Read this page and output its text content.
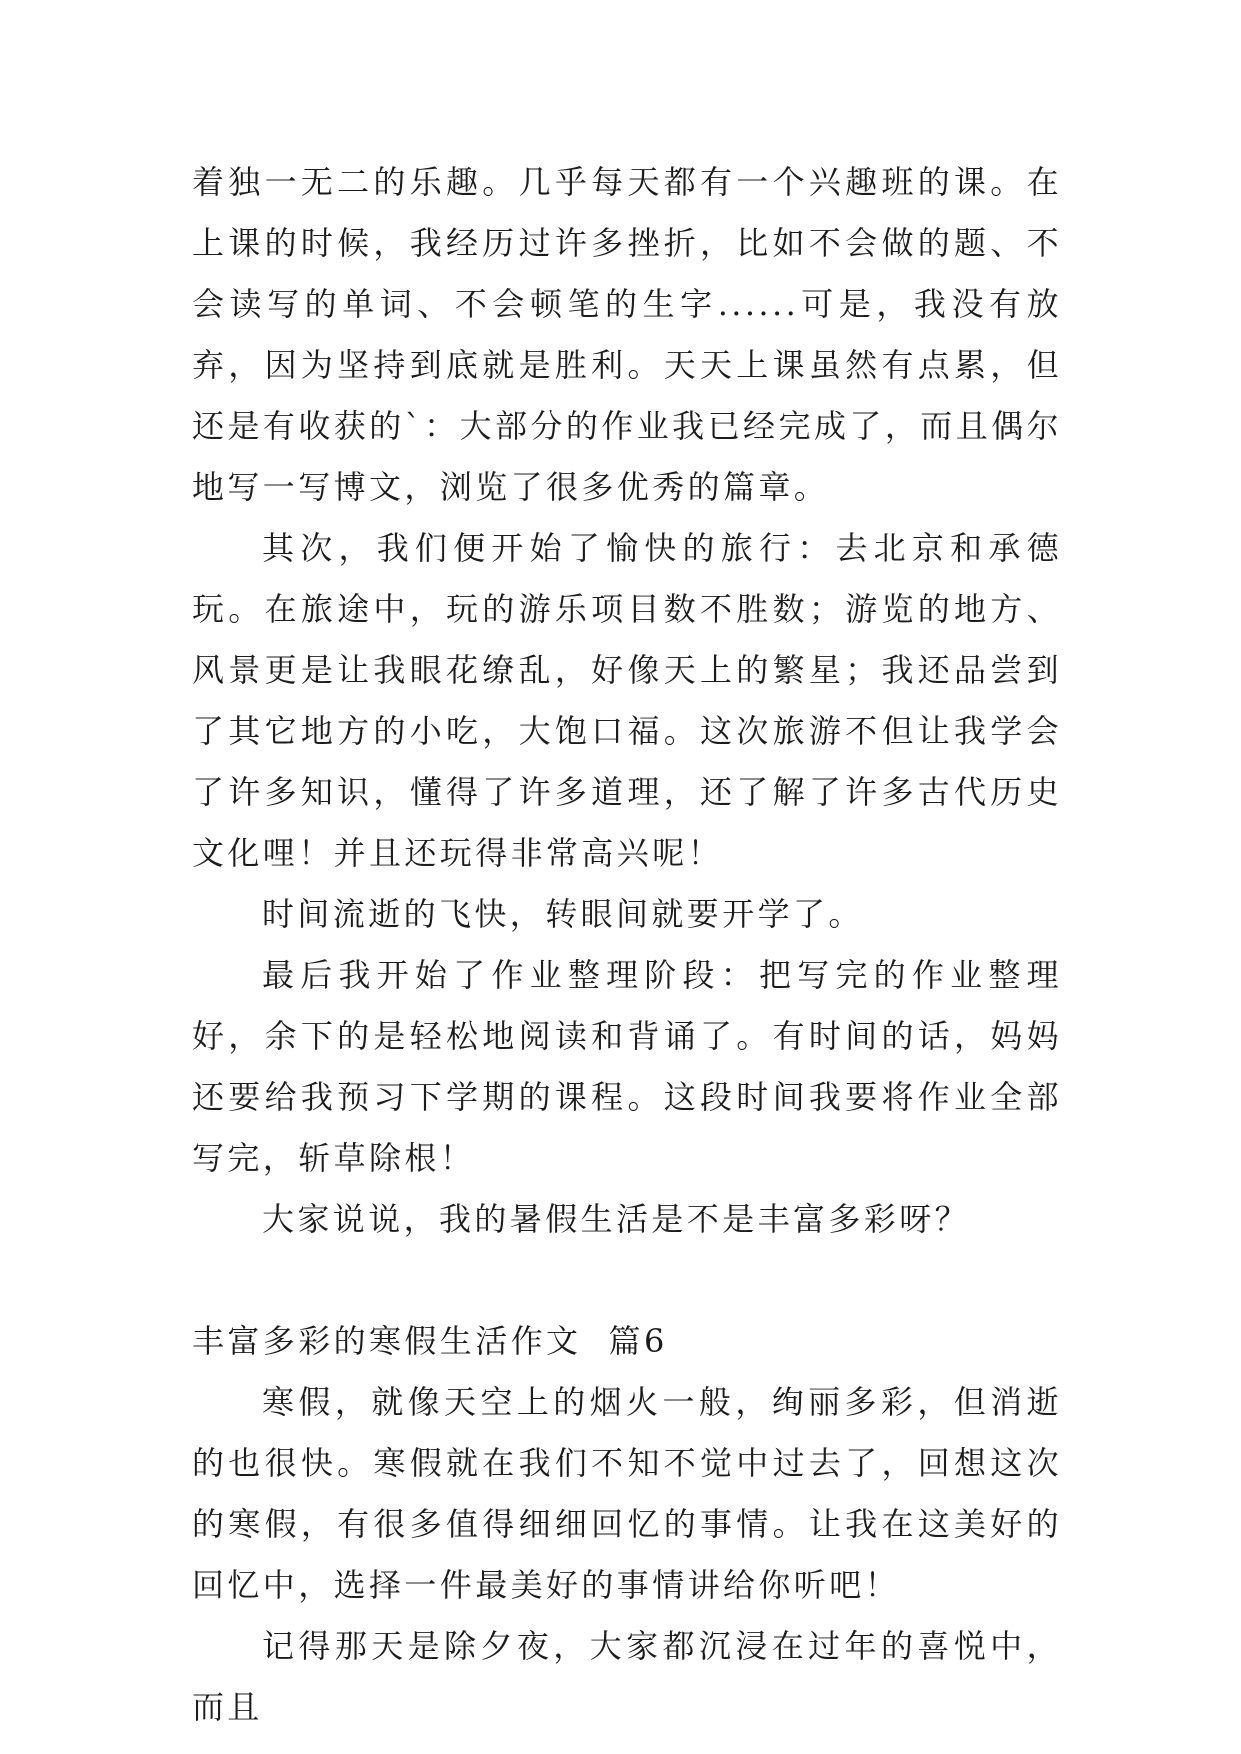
着独一无二的乐趣。几乎每天都有一个兴趣班的课。在上课的时候，我经历过许多挫折，比如不会做的题、不会读写的单词、不会顿笔的生字......可是，我没有放弃，因为坚持到底就是胜利。天天上课虽然有点累，但还是有收获的`：大部分的作业我已经完成了，而且偶尔地写一写博文，浏览了很多优秀的篇章。

其次，我们便开始了愉快的旅行：去北京和承德玩。在旅途中，玩的游乐项目数不胜数；游览的地方、风景更是让我眼花缭乱，好像天上的繁星；我还品尝到了其它地方的小吃，大饱口福。这次旅游不但让我学会了许多知识，懂得了许多道理，还了解了许多古代历史文化哩！并且还玩得非常高兴呢！

时间流逝的飞快，转眼间就要开学了。

最后我开始了作业整理阶段：把写完的作业整理好，余下的是轻松地阅读和背诵了。有时间的话，妈妈还要给我预习下学期的课程。这段时间我要将作业全部写完，斩草除根！

大家说说，我的暑假生活是不是丰富多彩呀？

丰富多彩的寒假生活作文  篇6

寒假，就像天空上的烟火一般，绚丽多彩，但消逝的也很快。寒假就在我们不知不觉中过去了，回想这次的寒假，有很多值得细细回忆的事情。让我在这美好的回忆中，选择一件最美好的事情讲给你听吧！

记得那天是除夕夜，大家都沉浸在过年的喜悦中，而且
